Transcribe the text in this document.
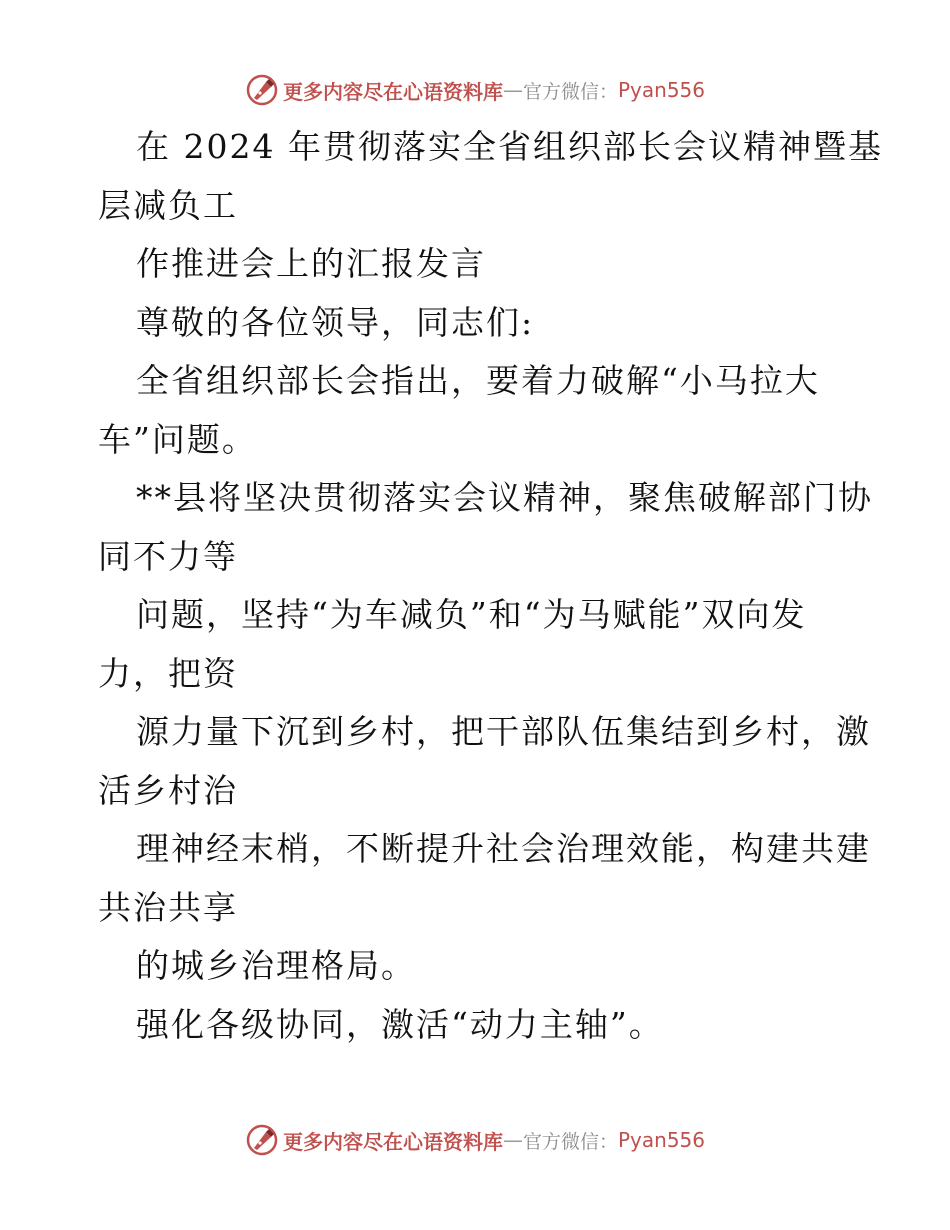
更多内容尽在心语资料库 — 官方微信： Pyan556

在 2024 年贯彻落实全省组织部长会议精神暨基

层减负工

作推进会上的汇报发言

尊敬的各位领导，同志们:

全省组织部长会指出，要着力破解“小马拉大

车”问题。

**县将坚决贯彻落实会议精神，聚焦破解部门协

同不力等

问题，坚持“为车减负”和“为马赋能”双向发

力，把资

源力量下沉到乡村，把干部队伍集结到乡村，激

活乡村治

理神经末梢，不断提升社会治理效能，构建共建

共治共享

的城乡治理格局。

强化各级协同，激活“动力主轴”。

更多内容尽在心语资料库 — 官方微信： Pyan556
